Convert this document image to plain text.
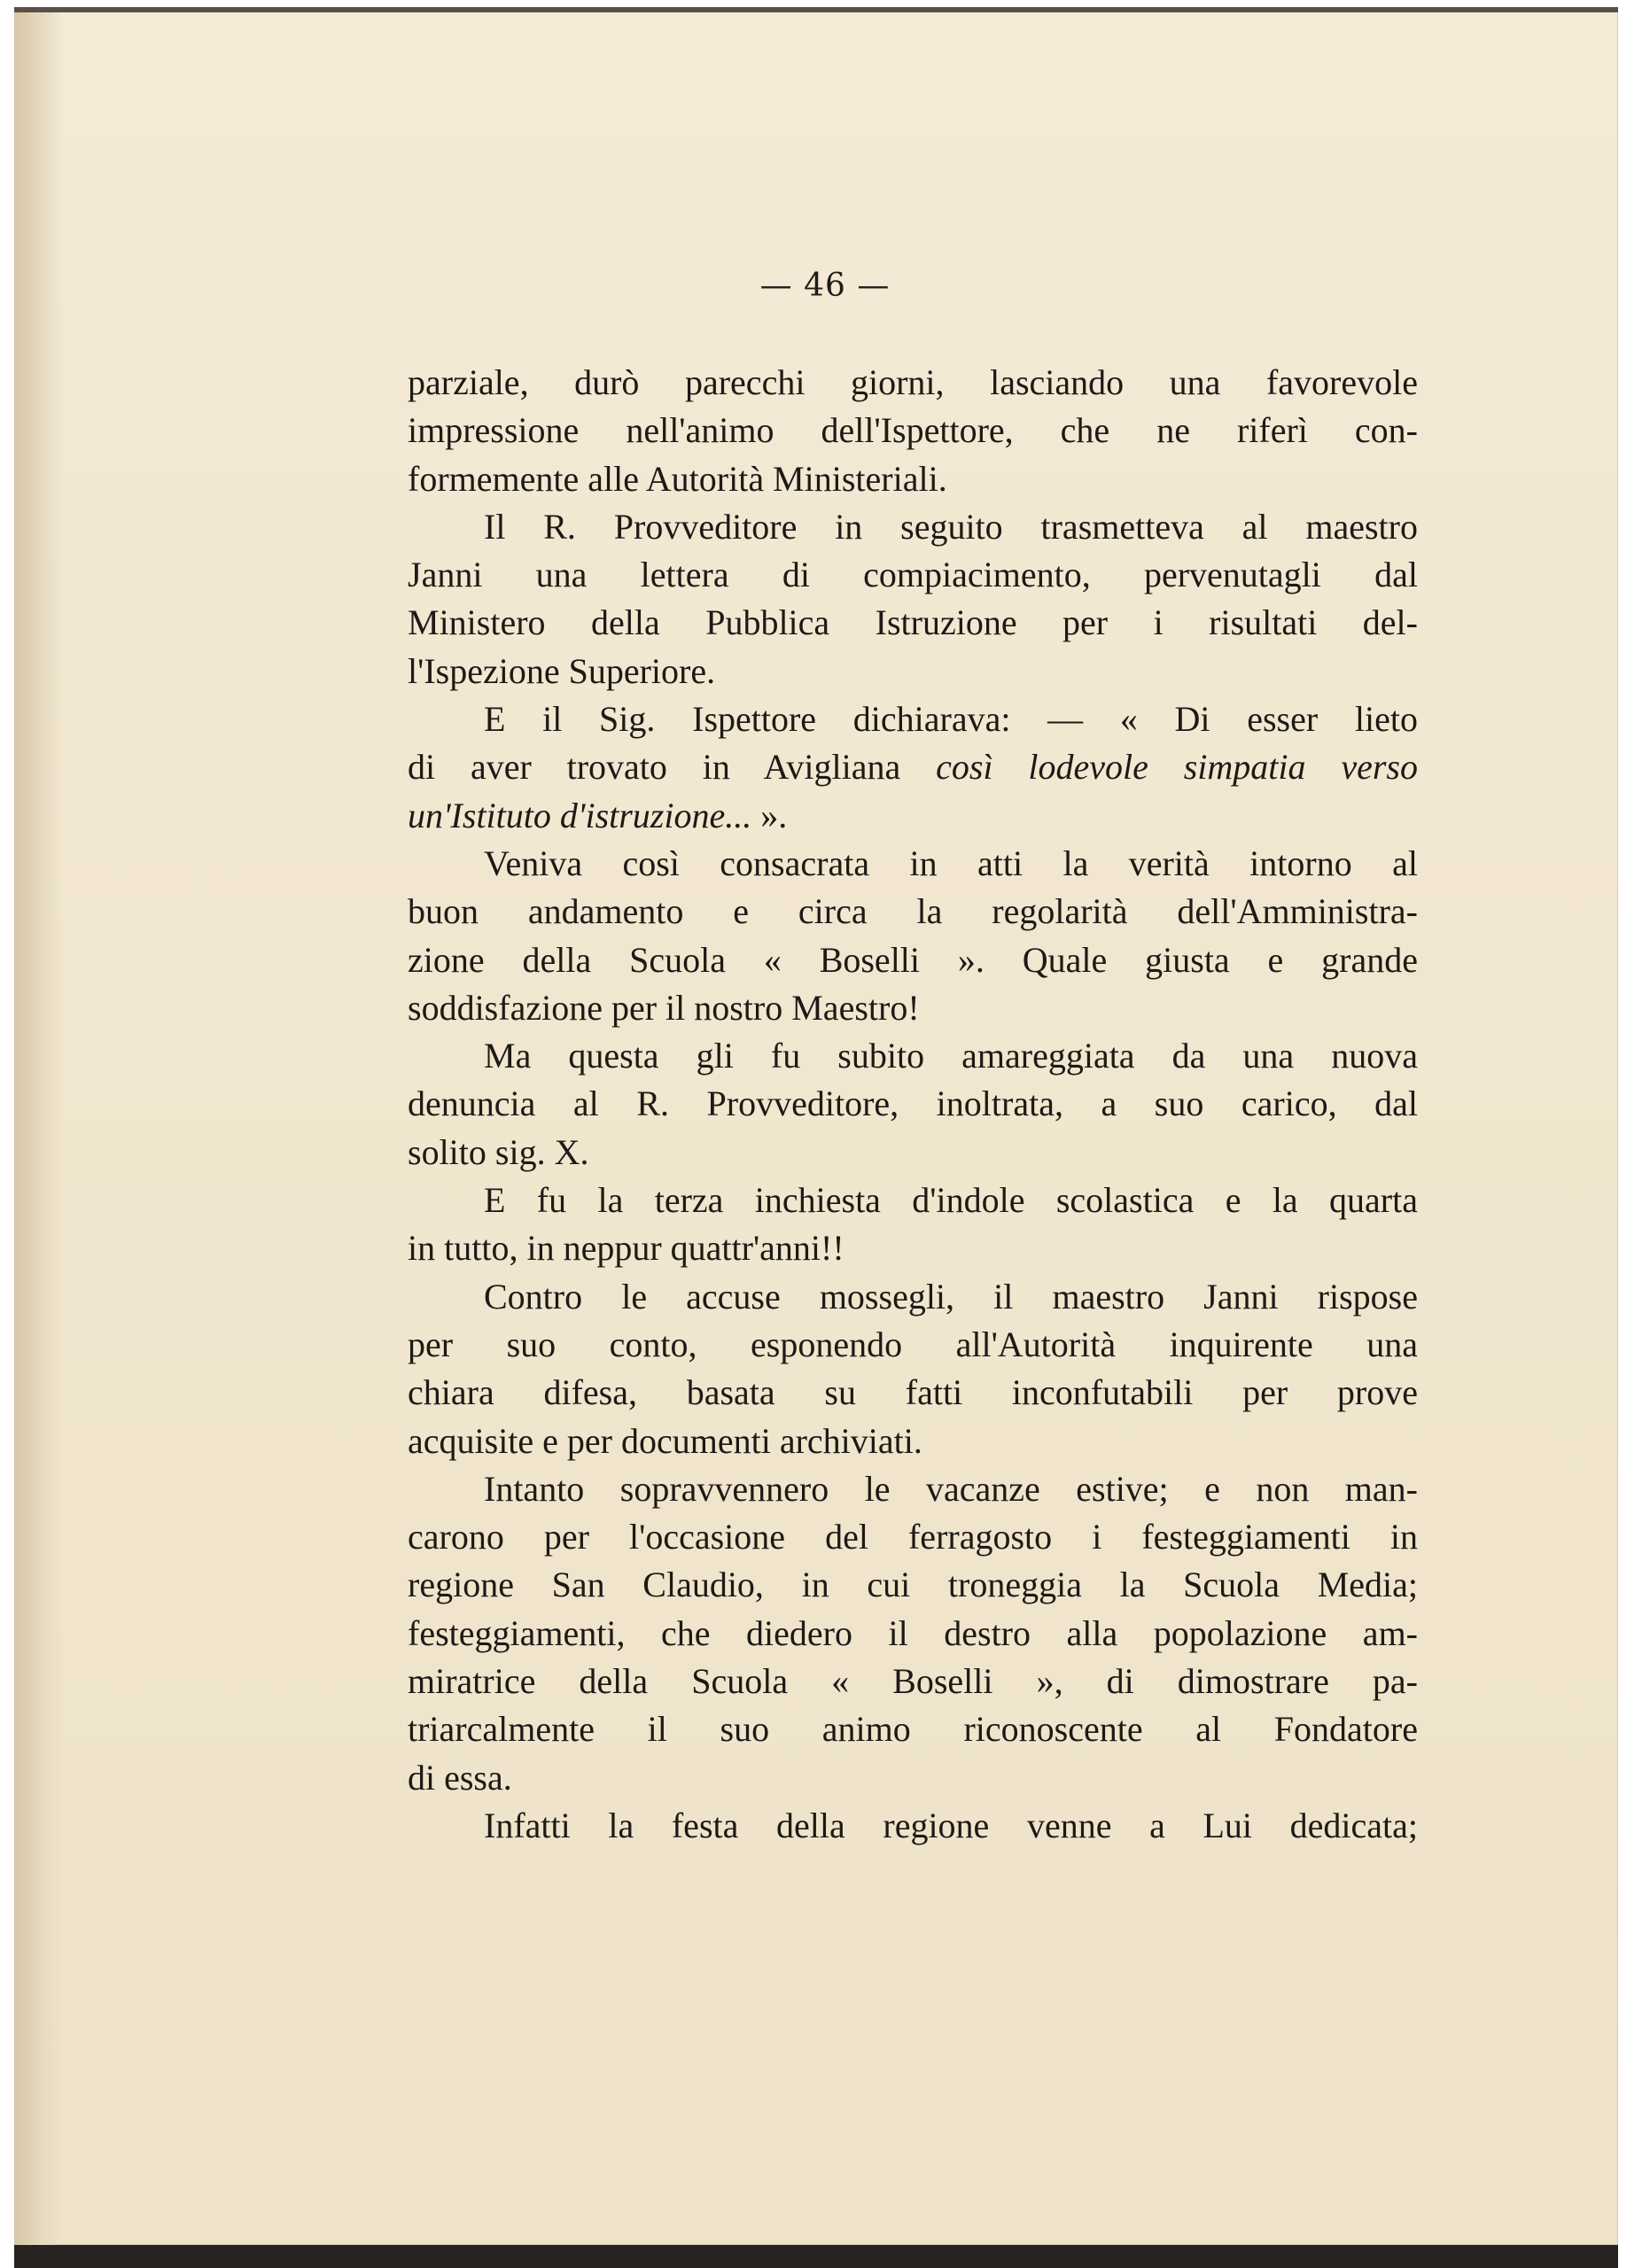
— 46 —

parziale, durò parecchi giorni, lasciando una favorevole
impressione nell'animo dell'Ispettore, che ne riferì con-
formemente alle Autorità Ministeriali.
Il R. Provveditore in seguito trasmetteva al maestro
Janni una lettera di compiacimento, pervenutagli dal
Ministero della Pubblica Istruzione per i risultati del-
l'Ispezione Superiore.
E il Sig. Ispettore dichiarava: — « Di esser lieto
di aver trovato in Avigliana così lodevole simpatia verso
un'Istituto d'istruzione... ».
Veniva così consacrata in atti la verità intorno al
buon andamento e circa la regolarità dell'Amministra-
zione della Scuola « Boselli ». Quale giusta e grande
soddisfazione per il nostro Maestro!
Ma questa gli fu subito amareggiata da una nuova
denuncia al R. Provveditore, inoltrata, a suo carico, dal
solito sig. X.
E fu la terza inchiesta d'indole scolastica e la quarta
in tutto, in neppur quattr'anni!!
Contro le accuse mossegli, il maestro Janni rispose
per suo conto, esponendo all'Autorità inquirente una
chiara difesa, basata su fatti inconfutabili per prove
acquisite e per documenti archiviati.
Intanto sopravvennero le vacanze estive; e non man-
carono per l'occasione del ferragosto i festeggiamenti in
regione San Claudio, in cui troneggia la Scuola Media;
festeggiamenti, che diedero il destro alla popolazione am-
miratrice della Scuola « Boselli », di dimostrare pa-
triarcalmente il suo animo riconoscente al Fondatore
di essa.
Infatti la festa della regione venne a Lui dedicata;
